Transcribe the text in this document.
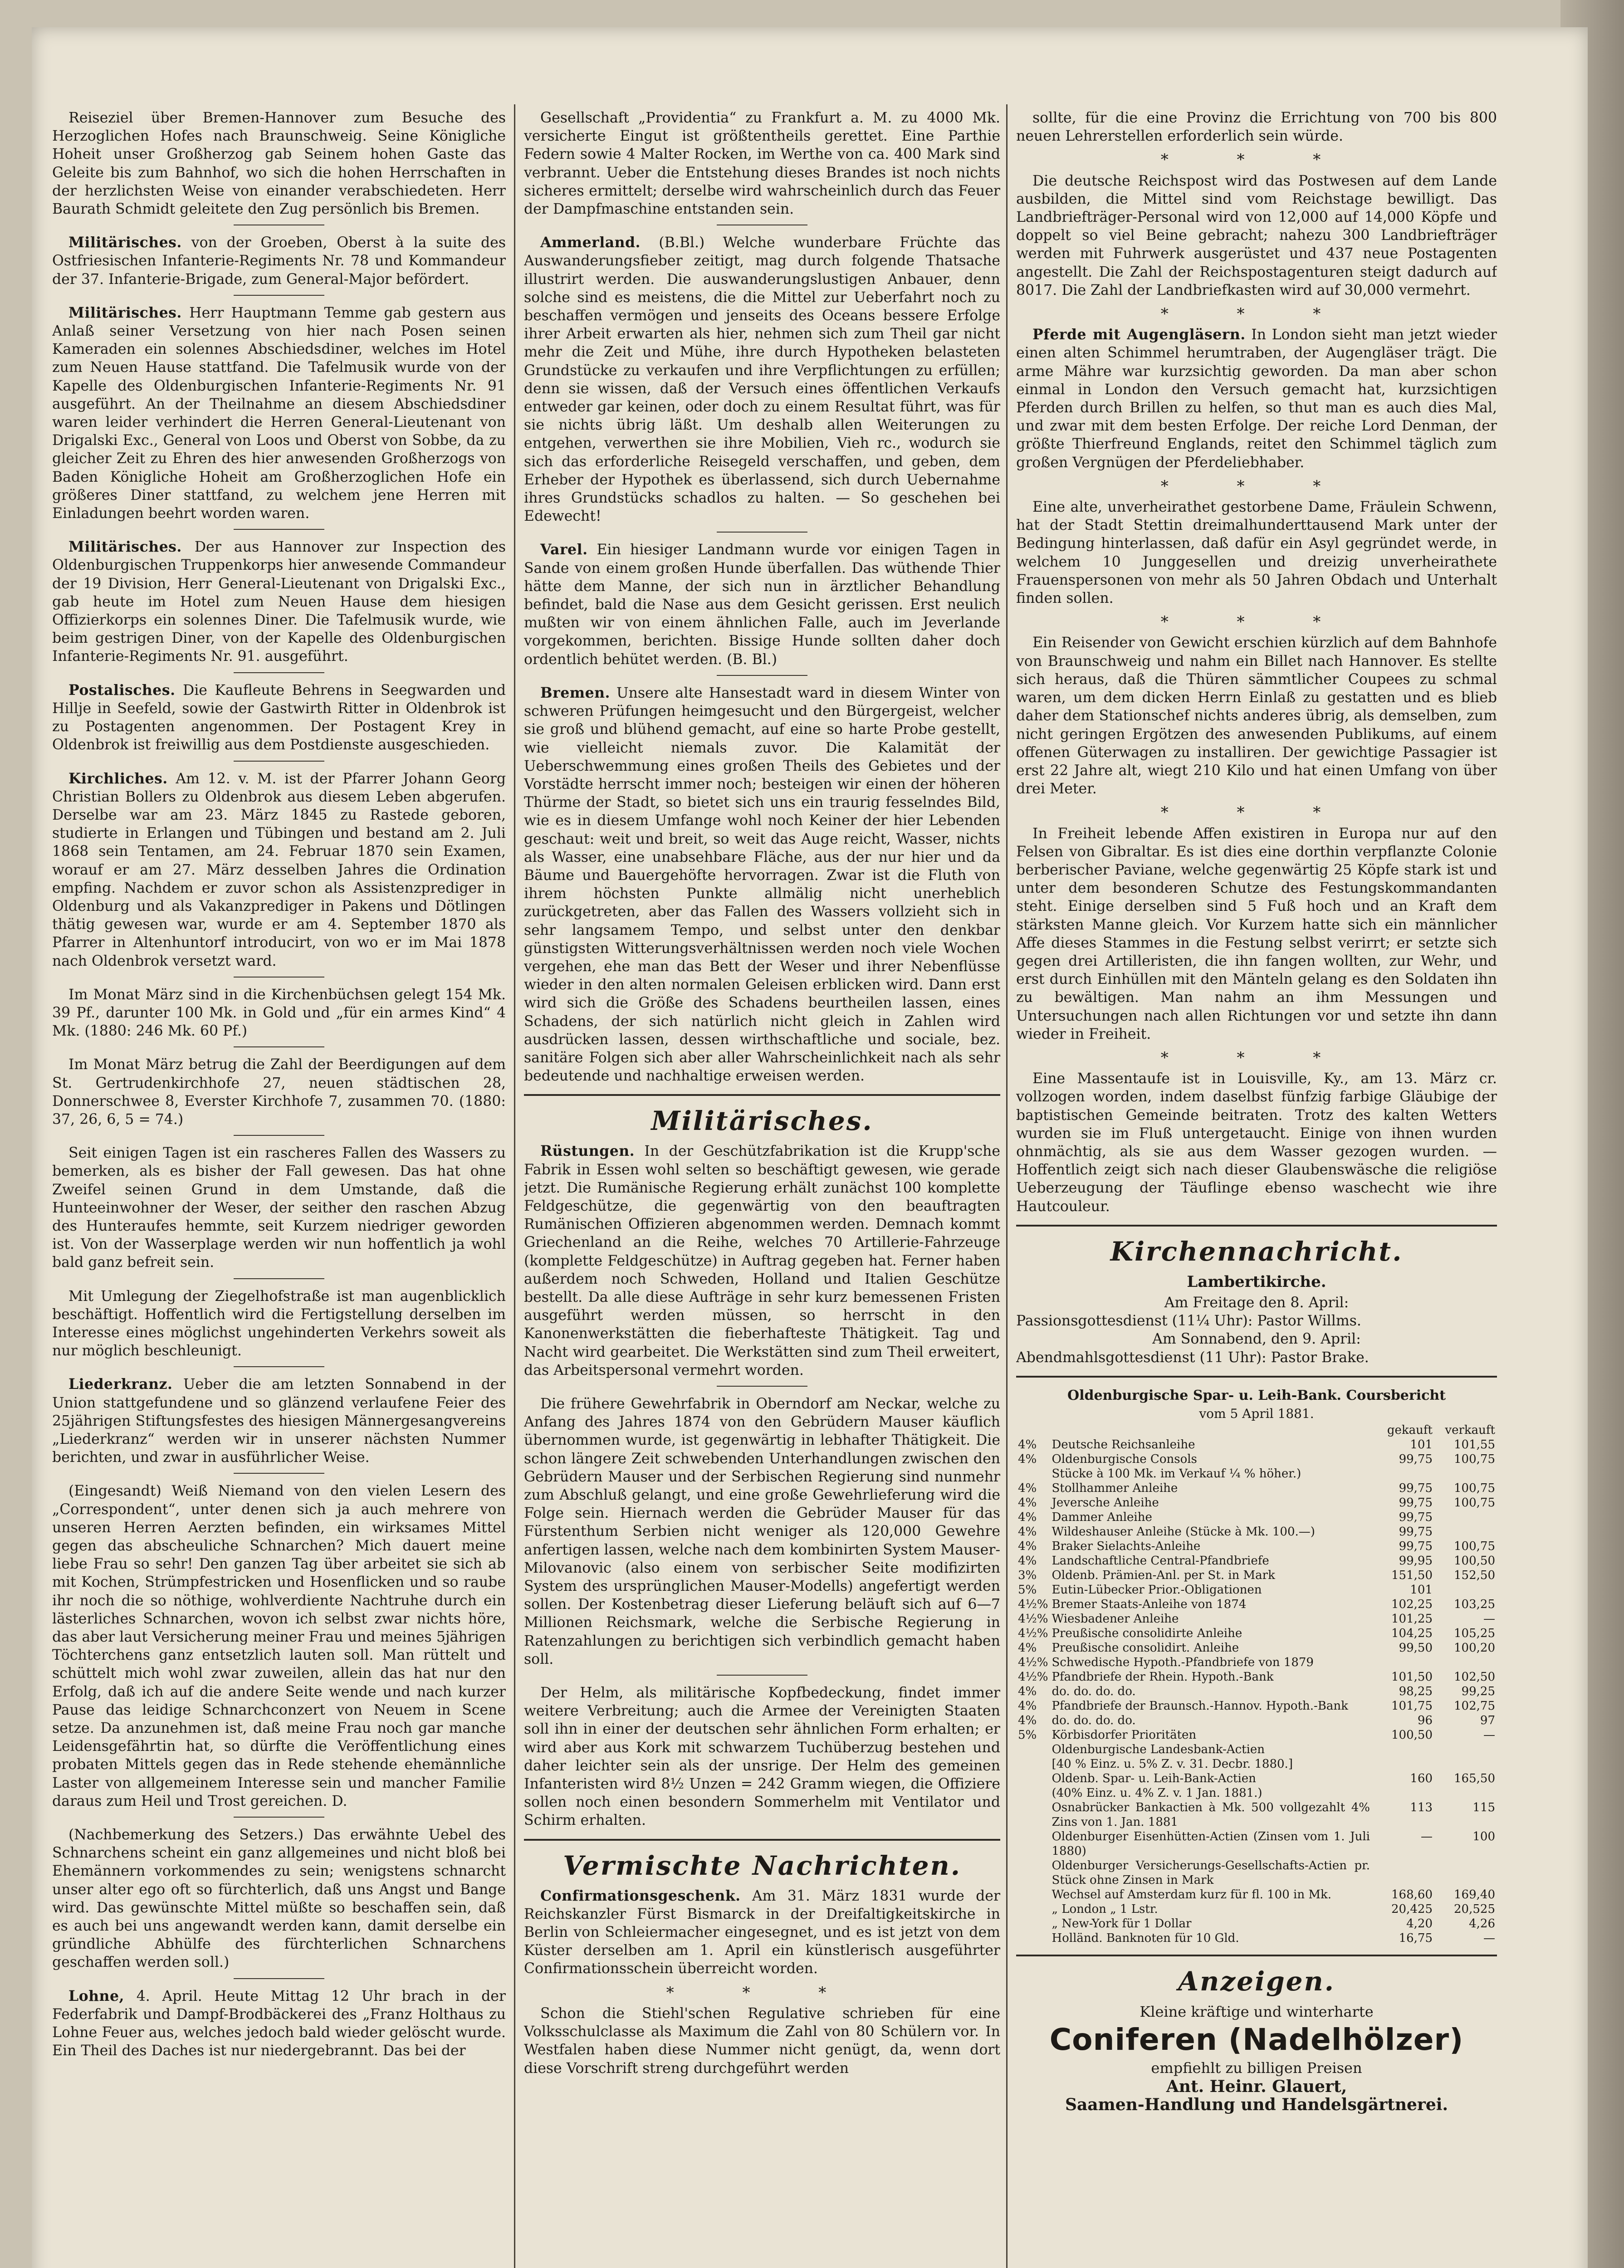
Reiseziel über Bremen-Hannover zum Besuche des Herzoglichen Hofes nach Braunschweig. Seine Königliche Hoheit unser Großherzog gab Seinem hohen Gaste das Geleite bis zum Bahnhof, wo sich die hohen Herrschaften in der herzlichsten Weise von einander verabschiedeten. Herr Baurath Schmidt geleitete den Zug persönlich bis Bremen.

Militärisches. von der Groeben, Oberst à la suite des Ostfriesischen Infanterie-Regiments Nr. 78 und Kommandeur der 37. Infanterie-Brigade, zum General-Major befördert.

Militärisches. Herr Hauptmann Temme gab gestern aus Anlaß seiner Versetzung von hier nach Posen seinen Kameraden ein solennes Abschiedsdiner, welches im Hotel zum Neuen Hause stattfand. Die Tafelmusik wurde von der Kapelle des Oldenburgischen Infanterie-Regiments Nr. 91 ausgeführt. An der Theilnahme an diesem Abschiedsdiner waren leider verhindert die Herren General-Lieutenant von Drigalski Exc., General von Loos und Oberst von Sobbe, da zu gleicher Zeit zu Ehren des hier anwesenden Großherzogs von Baden Königliche Hoheit am Großherzoglichen Hofe ein größeres Diner stattfand, zu welchem jene Herren mit Einladungen beehrt worden waren.

Militärisches. Der aus Hannover zur Inspection des Oldenburgischen Truppenkorps hier anwesende Commandeur der 19 Division, Herr General-Lieutenant von Drigalski Exc., gab heute im Hotel zum Neuen Hause dem hiesigen Offizierkorps ein solennes Diner. Die Tafelmusik wurde, wie beim gestrigen Diner, von der Kapelle des Oldenburgischen Infanterie-Regiments Nr. 91. ausgeführt.

Postalisches. Die Kaufleute Behrens in Seegwarden und Hillje in Seefeld, sowie der Gastwirth Ritter in Oldenbrok ist zu Postagenten angenommen. Der Postagent Krey in Oldenbrok ist freiwillig aus dem Postdienste ausgeschieden.

Kirchliches. Am 12. v. M. ist der Pfarrer Johann Georg Christian Bollers zu Oldenbrok aus diesem Leben abgerufen. Derselbe war am 23. März 1845 zu Rastede geboren, studierte in Erlangen und Tübingen und bestand am 2. Juli 1868 sein Tentamen, am 24. Februar 1870 sein Examen, worauf er am 27. März desselben Jahres die Ordination empfing. Nachdem er zuvor schon als Assistenzprediger in Oldenburg und als Vakanzprediger in Pakens und Dötlingen thätig gewesen war, wurde er am 4. September 1870 als Pfarrer in Altenhuntorf introducirt, von wo er im Mai 1878 nach Oldenbrok versetzt ward.

Im Monat März sind in die Kirchenbüchsen gelegt 154 Mk. 39 Pf., darunter 100 Mk. in Gold und „für ein armes Kind“ 4 Mk. (1880: 246 Mk. 60 Pf.)

Im Monat März betrug die Zahl der Beerdigungen auf dem St. Gertrudenkirchhofe 27, neuen städtischen 28, Donnerschwee 8, Everster Kirchhofe 7, zusammen 70. (1880: 37, 26, 6, 5 = 74.)

Seit einigen Tagen ist ein rascheres Fallen des Wassers zu bemerken, als es bisher der Fall gewesen. Das hat ohne Zweifel seinen Grund in dem Umstande, daß die Hunteeinwohner der Weser, der seither den raschen Abzug des Hunteraufes hemmte, seit Kurzem niedriger geworden ist. Von der Wasserplage werden wir nun hoffentlich ja wohl bald ganz befreit sein.

Mit Umlegung der Ziegelhofstraße ist man augenblicklich beschäftigt. Hoffentlich wird die Fertigstellung derselben im Interesse eines möglichst ungehinderten Verkehrs soweit als nur möglich beschleunigt.

Liederkranz. Ueber die am letzten Sonnabend in der Union stattgefundene und so glänzend verlaufene Feier des 25jährigen Stiftungsfestes des hiesigen Männergesangvereins „Liederkranz“ werden wir in unserer nächsten Nummer berichten, und zwar in ausführlicher Weise.

(Eingesandt) Weiß Niemand von den vielen Lesern des „Correspondent“, unter denen sich ja auch mehrere von unseren Herren Aerzten befinden, ein wirksames Mittel gegen das abscheuliche Schnarchen? Mich dauert meine liebe Frau so sehr! Den ganzen Tag über arbeitet sie sich ab mit Kochen, Strümpfestricken und Hosenflicken und so raube ihr noch die so nöthige, wohlverdiente Nachtruhe durch ein lästerliches Schnarchen, wovon ich selbst zwar nichts höre, das aber laut Versicherung meiner Frau und meines 5jährigen Töchterchens ganz entsetzlich lauten soll. Man rüttelt und schüttelt mich wohl zwar zuweilen, allein das hat nur den Erfolg, daß ich auf die andere Seite wende und nach kurzer Pause das leidige Schnarchconzert von Neuem in Scene setze. Da anzunehmen ist, daß meine Frau noch gar manche Leidensgefährtin hat, so dürfte die Veröffentlichung eines probaten Mittels gegen das in Rede stehende ehemännliche Laster von allgemeinem Interesse sein und mancher Familie daraus zum Heil und Trost gereichen. D.

(Nachbemerkung des Setzers.) Das erwähnte Uebel des Schnarchens scheint ein ganz allgemeines und nicht bloß bei Ehemännern vorkommendes zu sein; wenigstens schnarcht unser alter ego oft so fürchterlich, daß uns Angst und Bange wird. Das gewünschte Mittel müßte so beschaffen sein, daß es auch bei uns angewandt werden kann, damit derselbe ein gründliche Abhülfe des fürchterlichen Schnarchens geschaffen werden soll.)

Lohne, 4. April. Heute Mittag 12 Uhr brach in der Federfabrik und Dampf-Brodbäckerei des „Franz Holthaus zu Lohne Feuer aus, welches jedoch bald wieder gelöscht wurde. Ein Theil des Daches ist nur niedergebrannt. Das bei der

Gesellschaft „Providentia“ zu Frankfurt a. M. zu 4000 Mk. versicherte Eingut ist größtentheils gerettet. Eine Parthie Federn sowie 4 Malter Rocken, im Werthe von ca. 400 Mark sind verbrannt. Ueber die Entstehung dieses Brandes ist noch nichts sicheres ermittelt; derselbe wird wahrscheinlich durch das Feuer der Dampfmaschine entstanden sein.

Ammerland. (B.Bl.) Welche wunderbare Früchte das Auswanderungsfieber zeitigt, mag durch folgende Thatsache illustrirt werden. Die auswanderungslustigen Anbauer, denn solche sind es meistens, die die Mittel zur Ueberfahrt noch zu beschaffen vermögen und jenseits des Oceans bessere Erfolge ihrer Arbeit erwarten als hier, nehmen sich zum Theil gar nicht mehr die Zeit und Mühe, ihre durch Hypotheken belasteten Grundstücke zu verkaufen und ihre Verpflichtungen zu erfüllen; denn sie wissen, daß der Versuch eines öffentlichen Verkaufs entweder gar keinen, oder doch zu einem Resultat führt, was für sie nichts übrig läßt. Um deshalb allen Weiterungen zu entgehen, verwerthen sie ihre Mobilien, Vieh rc., wodurch sie sich das erforderliche Reisegeld verschaffen, und geben, dem Erheber der Hypothek es überlassend, sich durch Uebernahme ihres Grundstücks schadlos zu halten. — So geschehen bei Edewecht!

Varel. Ein hiesiger Landmann wurde vor einigen Tagen in Sande von einem großen Hunde überfallen. Das wüthende Thier hätte dem Manne, der sich nun in ärztlicher Behandlung befindet, bald die Nase aus dem Gesicht gerissen. Erst neulich mußten wir von einem ähnlichen Falle, auch im Jeverlande vorgekommen, berichten. Bissige Hunde sollten daher doch ordentlich behütet werden. (B. Bl.)

Bremen. Unsere alte Hansestadt ward in diesem Winter von schweren Prüfungen heimgesucht und den Bürgergeist, welcher sie groß und blühend gemacht, auf eine so harte Probe gestellt, wie vielleicht niemals zuvor. Die Kalamität der Ueberschwemmung eines großen Theils des Gebietes und der Vorstädte herrscht immer noch; besteigen wir einen der höheren Thürme der Stadt, so bietet sich uns ein traurig fesselndes Bild, wie es in diesem Umfange wohl noch Keiner der hier Lebenden geschaut: weit und breit, so weit das Auge reicht, Wasser, nichts als Wasser, eine unabsehbare Fläche, aus der nur hier und da Bäume und Bauergehöfte hervorragen. Zwar ist die Fluth von ihrem höchsten Punkte allmälig nicht unerheblich zurückgetreten, aber das Fallen des Wassers vollzieht sich in sehr langsamem Tempo, und selbst unter den denkbar günstigsten Witterungsverhältnissen werden noch viele Wochen vergehen, ehe man das Bett der Weser und ihrer Nebenflüsse wieder in den alten normalen Geleisen erblicken wird. Dann erst wird sich die Größe des Schadens beurtheilen lassen, eines Schadens, der sich natürlich nicht gleich in Zahlen wird ausdrücken lassen, dessen wirthschaftliche und sociale, bez. sanitäre Folgen sich aber aller Wahrscheinlichkeit nach als sehr bedeutende und nachhaltige erweisen werden.

Militärisches.

Rüstungen. In der Geschützfabrikation ist die Krupp'sche Fabrik in Essen wohl selten so beschäftigt gewesen, wie gerade jetzt. Die Rumänische Regierung erhält zunächst 100 komplette Feldgeschütze, die gegenwärtig von den beauftragten Rumänischen Offizieren abgenommen werden. Demnach kommt Griechenland an die Reihe, welches 70 Artillerie-Fahrzeuge (komplette Feldgeschütze) in Auftrag gegeben hat. Ferner haben außerdem noch Schweden, Holland und Italien Geschütze bestellt. Da alle diese Aufträge in sehr kurz bemessenen Fristen ausgeführt werden müssen, so herrscht in den Kanonenwerkstätten die fieberhafteste Thätigkeit. Tag und Nacht wird gearbeitet. Die Werkstätten sind zum Theil erweitert, das Arbeitspersonal vermehrt worden.

Die frühere Gewehrfabrik in Oberndorf am Neckar, welche zu Anfang des Jahres 1874 von den Gebrüdern Mauser käuflich übernommen wurde, ist gegenwärtig in lebhafter Thätigkeit. Die schon längere Zeit schwebenden Unterhandlungen zwischen den Gebrüdern Mauser und der Serbischen Regierung sind nunmehr zum Abschluß gelangt, und eine große Gewehrlieferung wird die Folge sein. Hiernach werden die Gebrüder Mauser für das Fürstenthum Serbien nicht weniger als 120,000 Gewehre anfertigen lassen, welche nach dem kombinirten System Mauser-Milovanovic (also einem von serbischer Seite modifizirten System des ursprünglichen Mauser-Modells) angefertigt werden sollen. Der Kostenbetrag dieser Lieferung beläuft sich auf 6—7 Millionen Reichsmark, welche die Serbische Regierung in Ratenzahlungen zu berichtigen sich verbindlich gemacht haben soll.

Der Helm, als militärische Kopfbedeckung, findet immer weitere Verbreitung; auch die Armee der Vereinigten Staaten soll ihn in einer der deutschen sehr ähnlichen Form erhalten; er wird aber aus Kork mit schwarzem Tuchüberzug bestehen und daher leichter sein als der unsrige. Der Helm des gemeinen Infanteristen wird 8½ Unzen = 242 Gramm wiegen, die Offiziere sollen noch einen besondern Sommerhelm mit Ventilator und Schirm erhalten.

Vermischte Nachrichten.

Confirmationsgeschenk. Am 31. März 1831 wurde der Reichskanzler Fürst Bismarck in der Dreifaltigkeitskirche in Berlin von Schleiermacher eingesegnet, und es ist jetzt von dem Küster derselben am 1. April ein künstlerisch ausgeführter Confirmationsschein überreicht worden.

* * *

Schon die Stiehl'schen Regulative schrieben für eine Volksschulclasse als Maximum die Zahl von 80 Schülern vor. In Westfalen haben diese Nummer nicht genügt, da, wenn dort diese Vorschrift streng durchgeführt werden

sollte, für die eine Provinz die Errichtung von 700 bis 800 neuen Lehrerstellen erforderlich sein würde.

* * *

Die deutsche Reichspost wird das Postwesen auf dem Lande ausbilden, die Mittel sind vom Reichstage bewilligt. Das Landbriefträger-Personal wird von 12,000 auf 14,000 Köpfe und doppelt so viel Beine gebracht; nahezu 300 Landbriefträger werden mit Fuhrwerk ausgerüstet und 437 neue Postagenten angestellt. Die Zahl der Reichspostagenturen steigt dadurch auf 8017. Die Zahl der Landbriefkasten wird auf 30,000 vermehrt.

* * *

Pferde mit Augengläsern. In London sieht man jetzt wieder einen alten Schimmel herumtraben, der Augengläser trägt. Die arme Mähre war kurzsichtig geworden. Da man aber schon einmal in London den Versuch gemacht hat, kurzsichtigen Pferden durch Brillen zu helfen, so thut man es auch dies Mal, und zwar mit dem besten Erfolge. Der reiche Lord Denman, der größte Thierfreund Englands, reitet den Schimmel täglich zum großen Vergnügen der Pferdeliebhaber.

* * *

Eine alte, unverheirathet gestorbene Dame, Fräulein Schwenn, hat der Stadt Stettin dreimalhunderttausend Mark unter der Bedingung hinterlassen, daß dafür ein Asyl gegründet werde, in welchem 10 Junggesellen und dreizig unverheirathete Frauenspersonen von mehr als 50 Jahren Obdach und Unterhalt finden sollen.

* * *

Ein Reisender von Gewicht erschien kürzlich auf dem Bahnhofe von Braunschweig und nahm ein Billet nach Hannover. Es stellte sich heraus, daß die Thüren sämmtlicher Coupees zu schmal waren, um dem dicken Herrn Einlaß zu gestatten und es blieb daher dem Stationschef nichts anderes übrig, als demselben, zum nicht geringen Ergötzen des anwesenden Publikums, auf einem offenen Güterwagen zu installiren. Der gewichtige Passagier ist erst 22 Jahre alt, wiegt 210 Kilo und hat einen Umfang von über drei Meter.

* * *

In Freiheit lebende Affen existiren in Europa nur auf den Felsen von Gibraltar. Es ist dies eine dorthin verpflanzte Colonie berberischer Paviane, welche gegenwärtig 25 Köpfe stark ist und unter dem besonderen Schutze des Festungskommandanten steht. Einige derselben sind 5 Fuß hoch und an Kraft dem stärksten Manne gleich. Vor Kurzem hatte sich ein männlicher Affe dieses Stammes in die Festung selbst verirrt; er setzte sich gegen drei Artilleristen, die ihn fangen wollten, zur Wehr, und erst durch Einhüllen mit den Mänteln gelang es den Soldaten ihn zu bewältigen. Man nahm an ihm Messungen und Untersuchungen nach allen Richtungen vor und setzte ihn dann wieder in Freiheit.

* * *

Eine Massentaufe ist in Louisville, Ky., am 13. März cr. vollzogen worden, indem daselbst fünfzig farbige Gläubige der baptistischen Gemeinde beitraten. Trotz des kalten Wetters wurden sie im Fluß untergetaucht. Einige von ihnen wurden ohnmächtig, als sie aus dem Wasser gezogen wurden. — Hoffentlich zeigt sich nach dieser Glaubenswäsche die religiöse Ueberzeugung der Täuflinge ebenso waschecht wie ihre Hautcouleur.

Kirchennachricht.
Lambertikirche.
Am Freitage den 8. April:
Passionsgottesdienst (11¼ Uhr): Pastor Willms.
Am Sonnabend, den 9. April:
Abendmahlsgottesdienst (11 Uhr): Pastor Brake.
Oldenburgische Spar- u. Leih-Bank. Coursbericht
vom 5 April 1881.
		gekauft	verkauft
4%	Deutsche Reichsanleihe	101	101,55
4%	Oldenburgische Consols	99,75	100,75
	Stücke à 100 Mk. im Verkauf ¼ % höher.)		
4%	Stollhammer Anleihe	99,75	100,75
4%	Jeversche Anleihe	99,75	100,75
4%	Dammer Anleihe	99,75	
4%	Wildeshauser Anleihe (Stücke à Mk. 100.—)	99,75	
4%	Braker Sielachts-Anleihe	99,75	100,75
4%	Landschaftliche Central-Pfandbriefe	99,95	100,50
3%	Oldenb. Prämien-Anl. per St. in Mark	151,50	152,50
5%	Eutin-Lübecker Prior.-Obligationen	101	
4½%	Bremer Staats-Anleihe von 1874	102,25	103,25
4½%	Wiesbadener Anleihe	101,25	—
4½%	Preußische consolidirte Anleihe	104,25	105,25
4%	Preußische consolidirt. Anleihe	99,50	100,20
4½%	Schwedische Hypoth.-Pfandbriefe von 1879		
4½%	Pfandbriefe der Rhein. Hypoth.-Bank	101,50	102,50
4%	do. do. do. do.	98,25	99,25
4%	Pfandbriefe der Braunsch.-Hannov. Hypoth.-Bank	101,75	102,75
4%	do. do. do. do.	96	97
5%	Körbisdorfer Prioritäten	100,50	—
	Oldenburgische Landesbank-Actien		
	[40 % Einz. u. 5% Z. v. 31. Decbr. 1880.]		
	Oldenb. Spar- u. Leih-Bank-Actien	160	165,50
	(40% Einz. u. 4% Z. v. 1 Jan. 1881.)		
	Osnabrücker Bankactien à Mk. 500 vollgezahlt 4% Zins von 1. Jan. 1881	113	115
	Oldenburger Eisenhütten-Actien (Zinsen vom 1. Juli 1880)	—	100
	Oldenburger Versicherungs-Gesellschafts-Actien pr. Stück ohne Zinsen in Mark		
	Wechsel auf Amsterdam kurz für fl. 100 in Mk.	168,60	169,40
	„ London „ 1 Lstr.	20,425	20,525
	„ New-York für 1 Dollar	4,20	4,26
	Holländ. Banknoten für 10 Gld.	16,75	—
Anzeigen.
Kleine kräftige und winterharte
Coniferen (Nadelhölzer)
empfiehlt zu billigen Preisen
Ant. Heinr. Glauert,
Saamen-Handlung und Handelsgärtnerei.
